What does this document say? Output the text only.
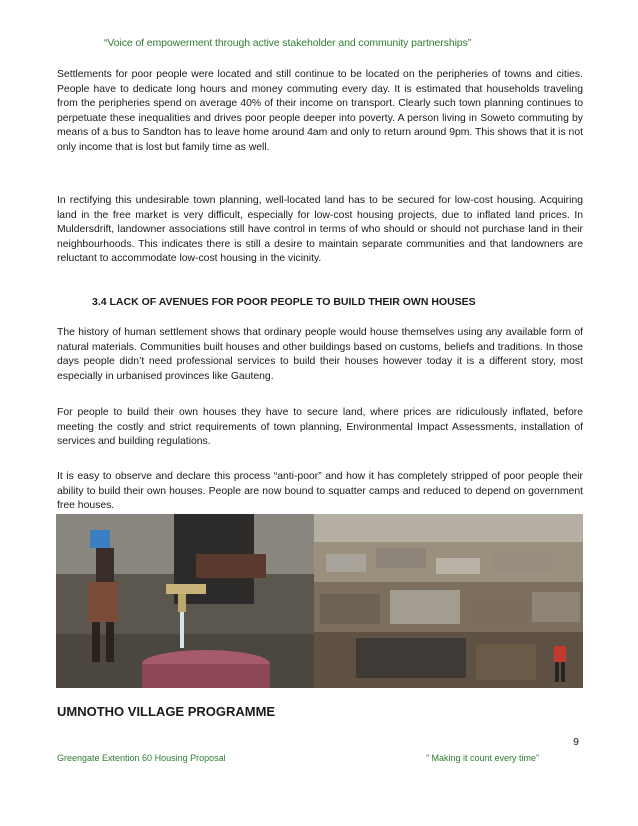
“Voice of empowerment through active stakeholder and community partnerships”

Settlements for poor people were located and still continue to be located on the peripheries of towns and cities. People have to dedicate long hours and money commuting every day. It is estimated that households traveling from the peripheries spend on average 40% of their income on transport. Clearly such town planning continues to perpetuate these inequalities and drives poor people deeper into poverty. A person living in Soweto commuting by means of a bus to Sandton has to leave home around 4am and only to return around 9pm. This shows that it is not only income that is lost but family time as well.

In rectifying this undesirable town planning, well-located land has to be secured for low-cost housing. Acquiring land in the free market is very difficult, especially for low-cost housing projects, due to inflated land prices. In Muldersdrift, landowner associations still have control in terms of who should or should not purchase land in their neighbourhoods. This indicates there is still a desire to maintain separate communities and that landowners are reluctant to accommodate low-cost housing in the vicinity.

3.4 LACK OF AVENUES FOR POOR PEOPLE TO BUILD THEIR OWN HOUSES

The history of human settlement shows that ordinary people would house themselves using any available form of natural materials. Communities built houses and other buildings based on customs, beliefs and traditions. In those days people didn’t need professional services to build their houses however today it is a different story, most especially in urbanised provinces like Gauteng.

For people to build their own houses they have to secure land, where prices are ridiculously inflated, before meeting the costly and strict requirements of town planning, Environmental Impact Assessments, installation of services and building regulations.

It is easy to observe and declare this process “anti-poor” and how it has completely stripped of poor people their ability to build their own houses. People are now bound to squatter camps and reduced to depend on government free houses.

UMNOTHO VILLAGE PROGRAMME
9
Greengate Extention 60 Housing Proposal	” Making it count every time”
